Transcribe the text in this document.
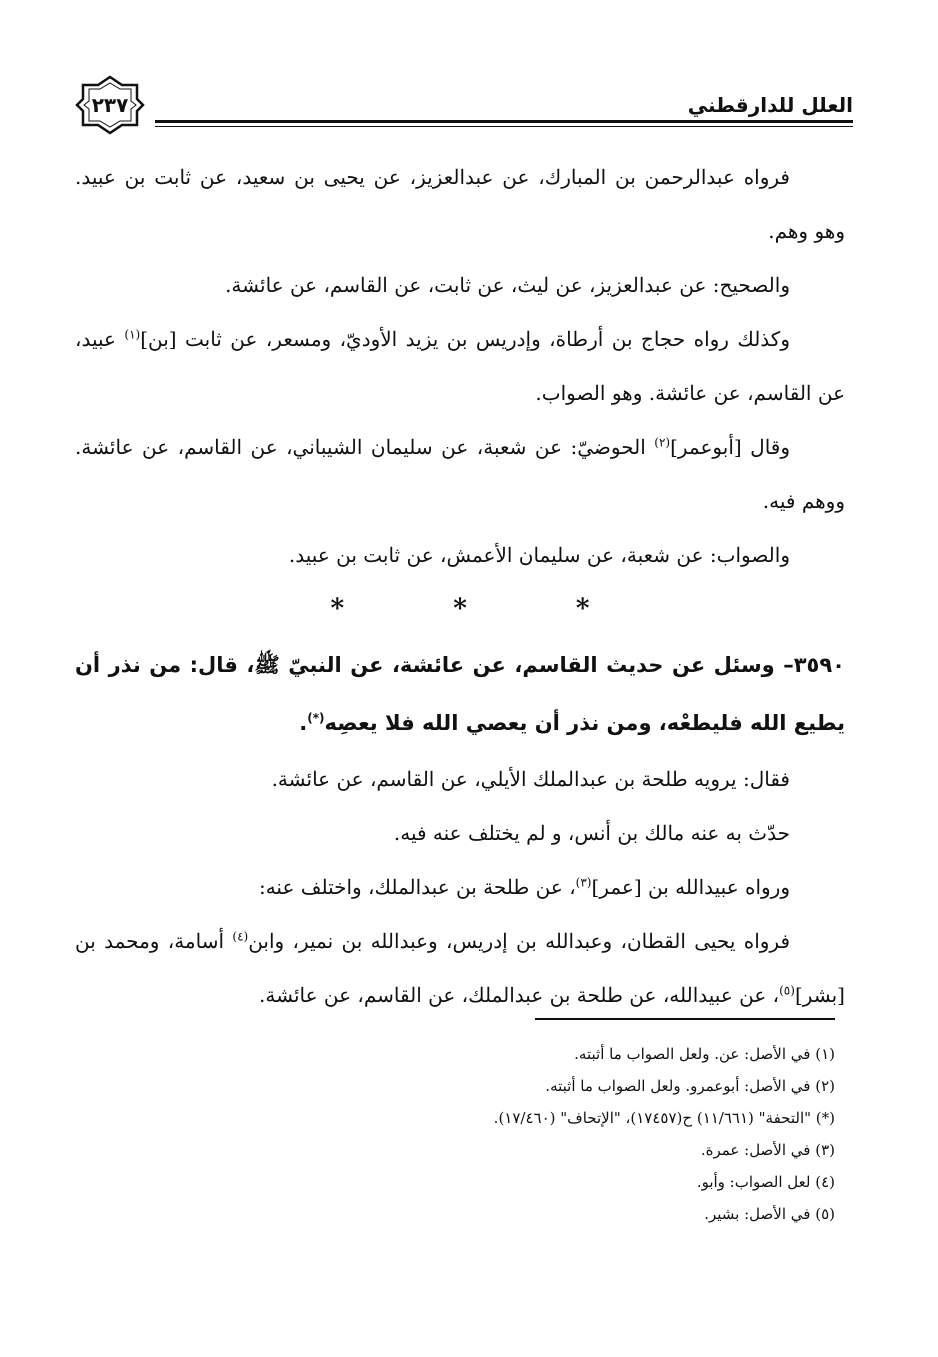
٢٣٧	العلل للدارقطني

فرواه عبدالرحمن بن المبارك، عن عبدالعزيز، عن يحيى بن سعيد، عن ثابت بن عبيد. وهو وهم.

والصحيح: عن عبدالعزيز، عن ليث، عن ثابت، عن القاسم، عن عائشة.

وكذلك رواه حجاج بن أرطاة، وإدريس بن يزيد الأوديّ، ومسعر، عن ثابت [بن]$^{(١)}$ عبيد، عن القاسم، عن عائشة. وهو الصواب.

وقال [أبوعمر]$^{(٢)}$ الحوضيّ: عن شعبة، عن سليمان الشيباني، عن القاسم، عن عائشة. ووهم فيه.

والصواب: عن شعبة، عن سليمان الأعمش، عن ثابت بن عبيد.

* * *

٣٥٩٠– وسئل عن حديث القاسم، عن عائشة، عن النبيّ ﷺ، قال: من نذر أن يطيع الله فليطعْه، ومن نذر أن يعصي الله فلا يعصِه(*).

فقال: يرويه طلحة بن عبدالملك الأيلي، عن القاسم، عن عائشة.

حدّث به عنه مالك بن أنس، و لم يختلف عنه فيه.

ورواه عبيدالله بن [عمر]$^{(٣)}$، عن طلحة بن عبدالملك، واختلف عنه:

فرواه يحيى القطان، وعبدالله بن إدريس، وعبدالله بن نمير، وابن$^{(٤)}$ أسامة، ومحمد بن [بشر]$^{(٥)}$، عن عبيدالله، عن طلحة بن عبدالملك، عن القاسم، عن عائشة.

(١) في الأصل: عن. ولعل الصواب ما أثبته.

(٢) في الأصل: أبوعمرو. ولعل الصواب ما أثبته.

(*) "التحفة" (١١/٦٦١) ح(١٧٤٥٧)، "الإتحاف" (١٧/٤٦٠).

(٣) في الأصل: عمرة.

(٤) لعل الصواب: وأبو.

(٥) في الأصل: بشير.
